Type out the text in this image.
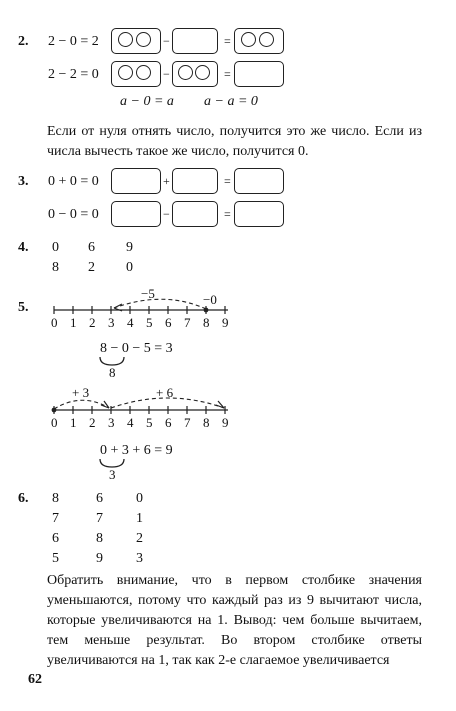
2. 2 − 0 = 2	−	=
2 − 2 = 0	−	=
a − 0 = a a − a = 0
Если от нуля отнять число, получится это же число. Если из числа вычесть такое же число, получится 0.
3. 0 + 0 = 0	+	=
0 − 0 = 0	−	=
4. 0 6 9
8 2 0
5.
−5	−0
0 1 2 3 4 5 6 7 8 9
8 − 0 − 5 = 3
8
+ 3	+ 6
0 1 2 3 4 5 6 7 8 9
0 + 3 + 6 = 9
3
6. 8	6 0
7	7 1
6	8 2
5	9 3
Обратить внимание, что в первом столбике значения уменьшаются, потому что каждый раз из 9 вычитают числа, которые увеличиваются на 1. Вывод: чем больше вычитаем, тем меньше результат. Во втором столбике ответы увеличиваются на 1, так как 2-е слагаемое увеличивается
62
